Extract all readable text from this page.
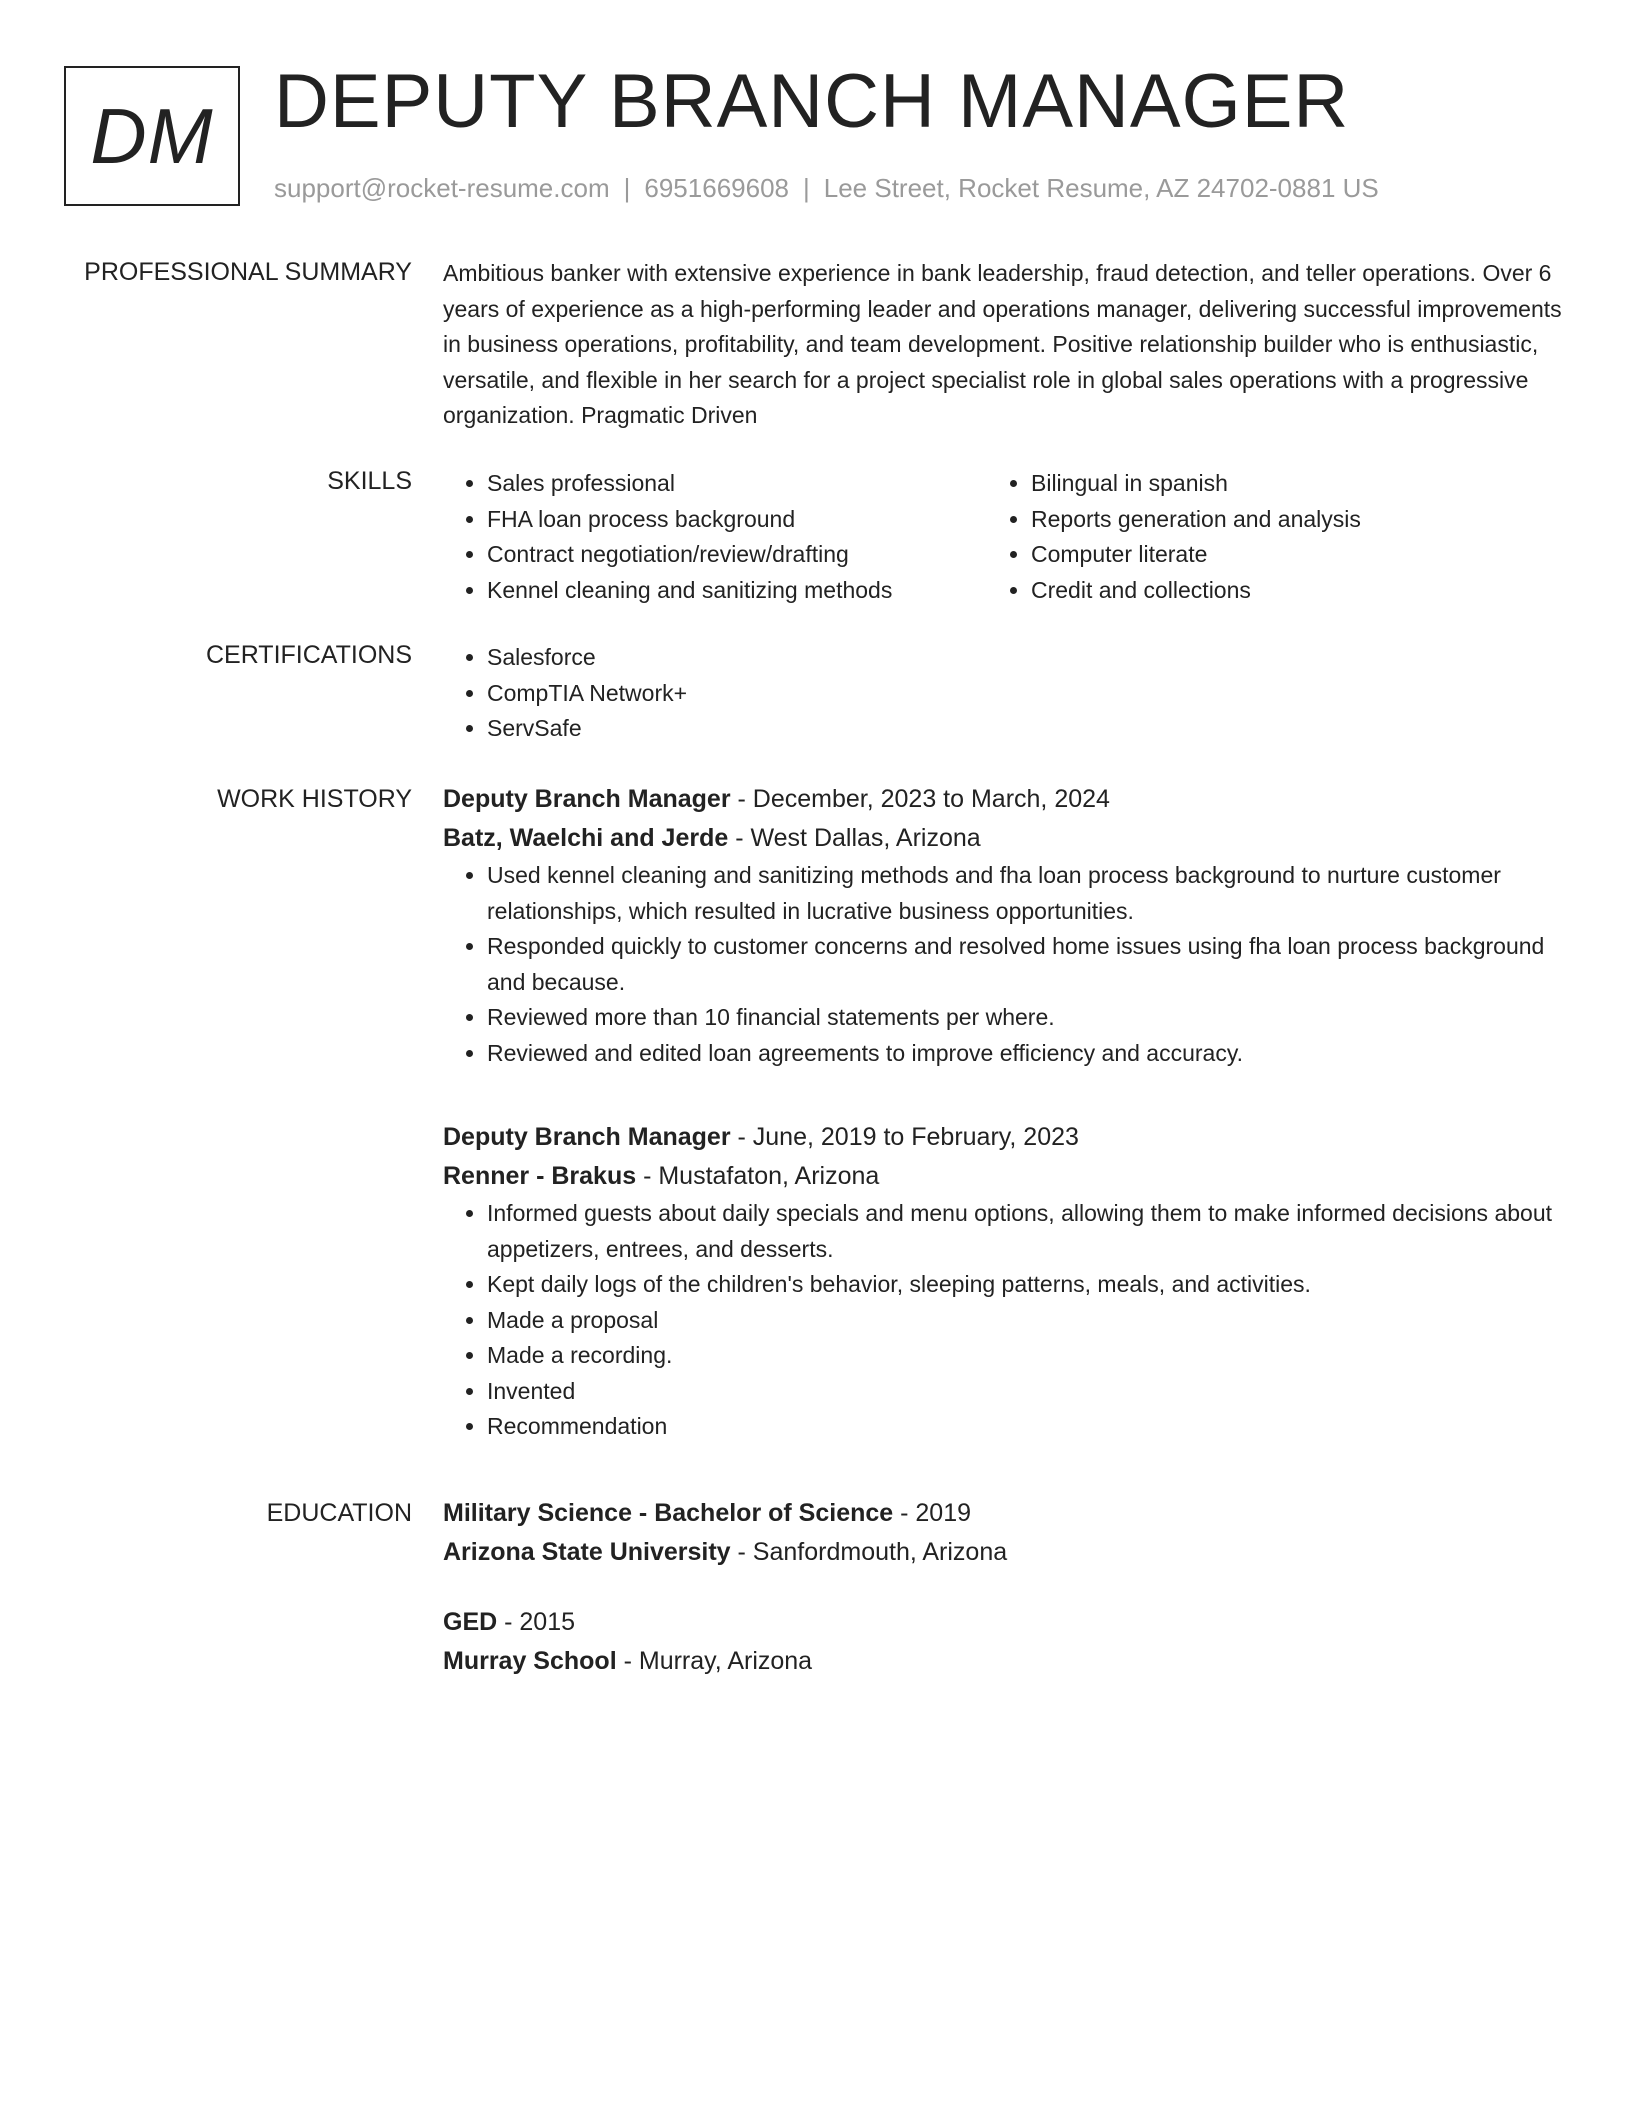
DM DEPUTY BRANCH MANAGER
support@rocket-resume.com | 6951669608 | Lee Street, Rocket Resume, AZ 24702-0881 US
PROFESSIONAL SUMMARY Ambitious banker with extensive experience in bank leadership, fraud detection, and teller operations. Over 6 years of experience as a high-performing leader and operations manager, delivering successful improvements in business operations, profitability, and team development. Positive relationship builder who is enthusiastic, versatile, and flexible in her search for a project specialist role in global sales operations with a progressive organization. Pragmatic Driven

SKILLS	• Sales professional
• FHA loan process background
• Contract negotiation/review/drafting
• Kennel cleaning and sanitizing methods
• Bilingual in spanish
• Reports generation and analysis
• Computer literate
• Credit and collections
CERTIFICATIONS	• Salesforce
• CompTIA Network+
• ServSafe
WORK HISTORY Deputy Branch Manager - December, 2023 to March, 2024
Batz, Waelchi and Jerde - West Dallas, Arizona
• Used kennel cleaning and sanitizing methods and fha loan process background to nurture customer relationships, which resulted in lucrative business opportunities.
• Responded quickly to customer concerns and resolved home issues using fha loan process background and because.
• Reviewed more than 10 financial statements per where.
• Reviewed and edited loan agreements to improve efficiency and accuracy.
Deputy Branch Manager - June, 2019 to February, 2023
Renner - Brakus - Mustafaton, Arizona
• Informed guests about daily specials and menu options, allowing them to make informed decisions about appetizers, entrees, and desserts.
• Kept daily logs of the children's behavior, sleeping patterns, meals, and activities.
• Made a proposal
• Made a recording.
• Invented
• Recommendation
EDUCATION Military Science - Bachelor of Science - 2019
Arizona State University - Sanfordmouth, Arizona
GED - 2015
Murray School - Murray, Arizona
